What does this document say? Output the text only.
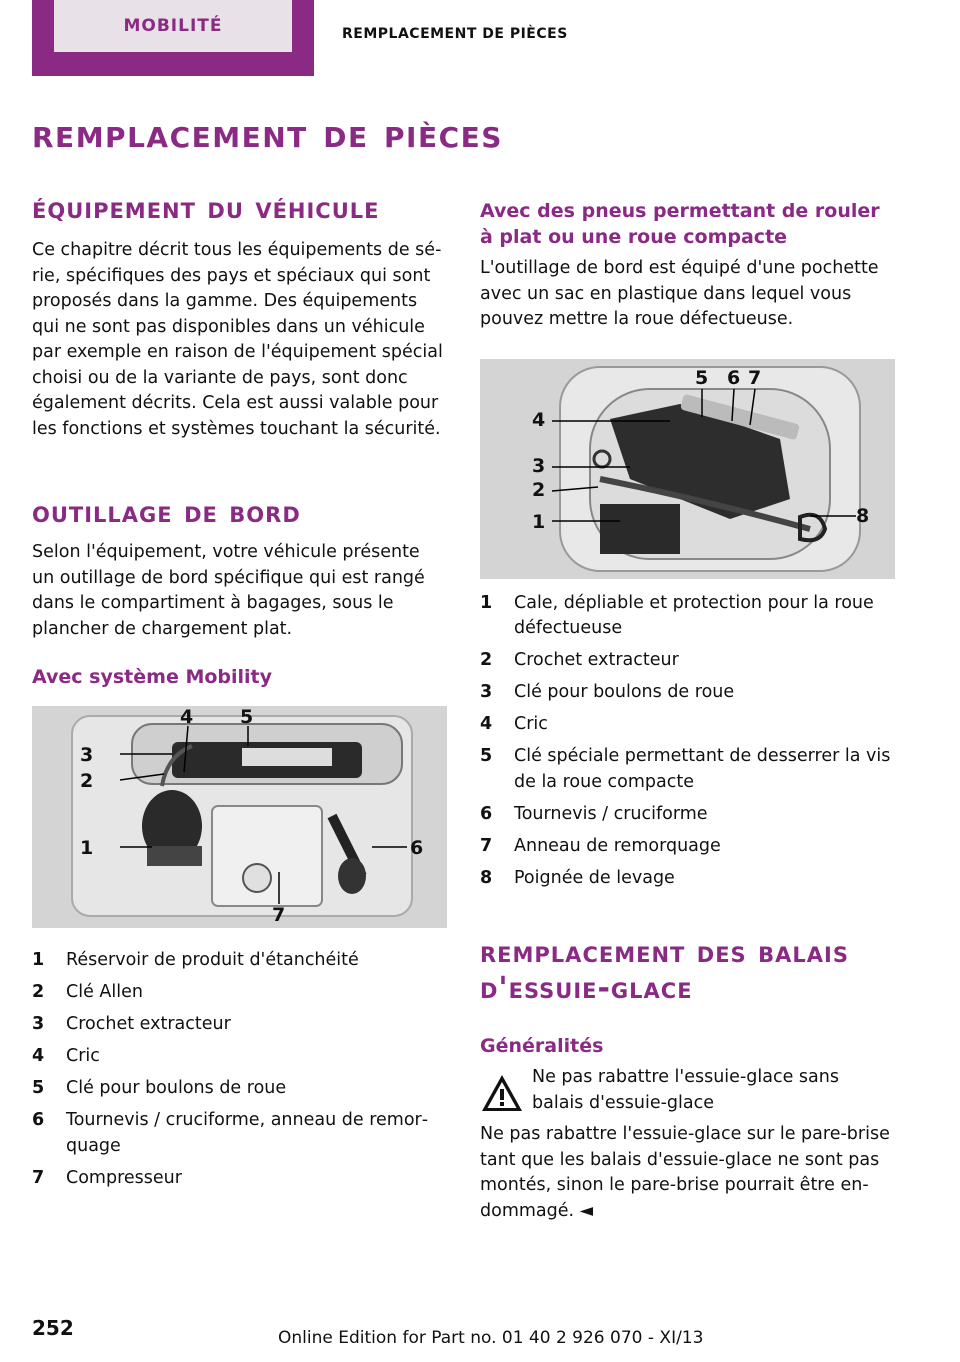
MOBILITÉ	REMPLACEMENT DE PIÈCES
remplacement de pièces
équipement du véhicule

Ce chapitre décrit tous les équipements de série, spécifiques des pays et spéciaux qui sont proposés dans la gamme. Des équipements qui ne sont pas disponibles dans un véhicule par exemple en raison de l'équipement spécial choisi ou de la variante de pays, sont donc également décrits. Cela est aussi valable pour les fonctions et systèmes touchant la sécurité.

outillage de bord

Selon l'équipement, votre véhicule présente un outillage de bord spécifique qui est rangé dans le compartiment à bagages, sous le plancher de chargement plat.

Avec système Mobility
1
2
3
4 5
6
7
1	Réservoir de produit d'étanchéité
2	Clé Allen
3	Crochet extracteur
4	Cric
5	Clé pour boulons de roue
6	Tournevis / cruciforme, anneau de remorquage
7	Compresseur
Avec des pneus permettant de rouler à plat ou une roue compacte

L'outillage de bord est équipé d'une pochette avec un sac en plastique dans lequel vous pouvez mettre la roue défectueuse.

1
2
3
4
5 6 7
8
1	Cale, dépliable et protection pour la roue défectueuse
2	Crochet extracteur
3	Clé pour boulons de roue
4	Cric
5	Clé spéciale permettant de desserrer la vis de la roue compacte
6	Tournevis / cruciforme
7	Anneau de remorquage
8	Poignée de levage
remplacement des balais d'essuie-glace
Généralités

Ne pas rabattre l'essuie-glace sans balais d'essuie-glace

Ne pas rabattre l'essuie-glace sur le pare-brise tant que les balais d'essuie-glace ne sont pas montés, sinon le pare-brise pourrait être endommagé. ◄

252	Online Edition for Part no. 01 40 2 926 070 - XI/13
